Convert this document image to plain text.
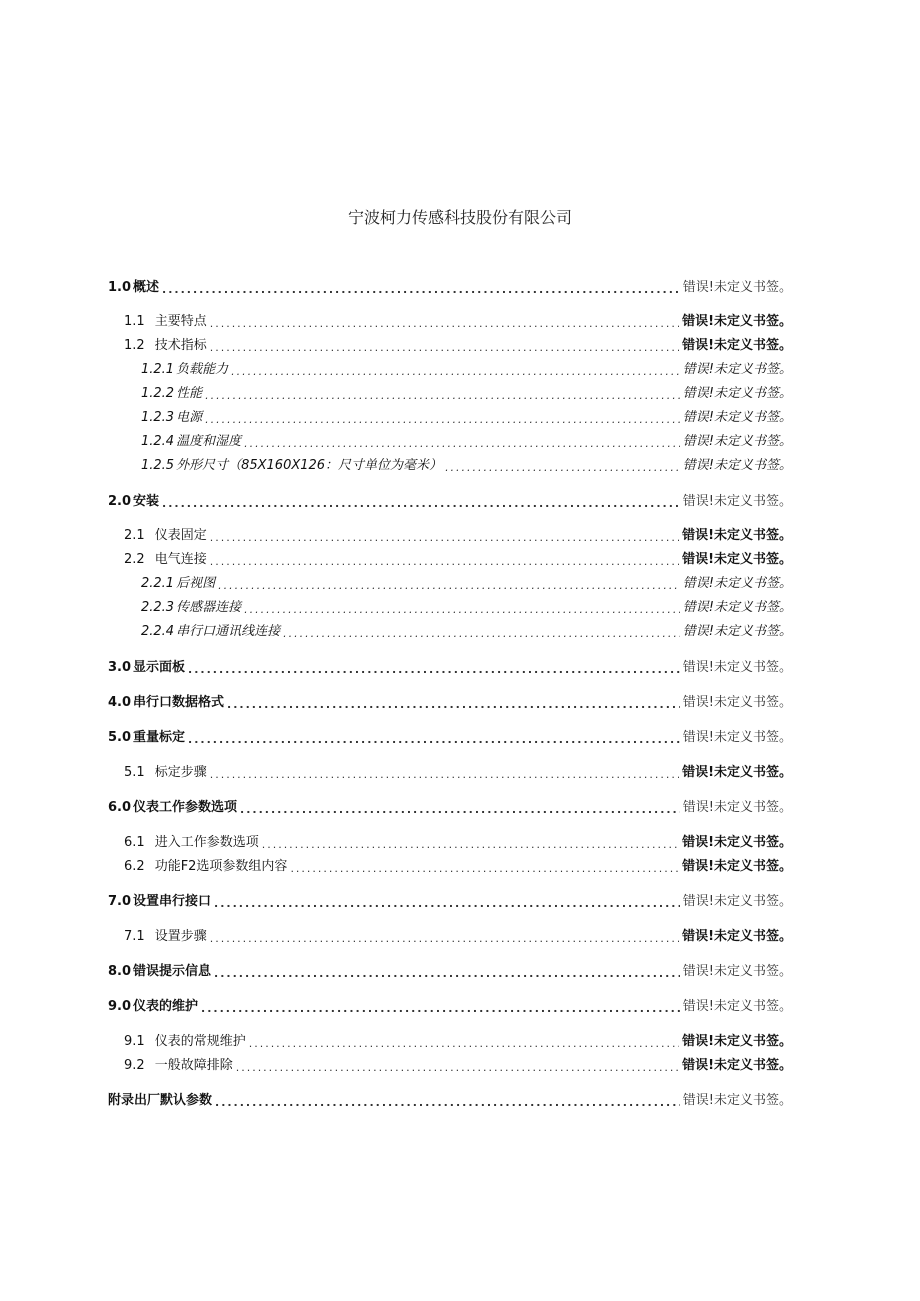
宁波柯力传感科技股份有限公司
1.0 概述 .....	错误!未定义书签。
1.1 主要特点 .....	错误!未定义书签。
1.2 技术指标 .....	错误!未定义书签。
1.2.1 负载能力 .....	错误!未定义书签。
1.2.2 性能 .....	错误!未定义书签。
1.2.3 电源 .....	错误!未定义书签。
1.2.4 温度和湿度 .....	错误!未定义书签。
1.2.5 外形尺寸（85X160X126：尺寸单位为毫米） .....	错误!未定义书签。
2.0 安装 .....	错误!未定义书签。
2.1 仪表固定 .....	错误!未定义书签。
2.2 电气连接 .....	错误!未定义书签。
2.2.1 后视图 .....	错误!未定义书签。
2.2.3 传感器连接 .....	错误!未定义书签。
2.2.4 串行口通讯线连接 .....	错误!未定义书签。
3.0 显示面板 .....	错误!未定义书签。
4.0 串行口数据格式 .....	错误!未定义书签。
5.0 重量标定 .....	错误!未定义书签。
5.1 标定步骤 .....	错误!未定义书签。
6.0 仪表工作参数选项 .....	错误!未定义书签。
6.1 进入工作参数选项 .....	错误!未定义书签。
6.2 功能F2选项参数组内容 .....	错误!未定义书签。
7.0 设置串行接口 .....	错误!未定义书签。
7.1 设置步骤 .....	错误!未定义书签。
8.0 错误提示信息 .....	错误!未定义书签。
9.0 仪表的维护 .....	错误!未定义书签。
9.1 仪表的常规维护 .....	错误!未定义书签。
9.2 一般故障排除 .....	错误!未定义书签。
附录出厂默认参数 .....	错误!未定义书签。
